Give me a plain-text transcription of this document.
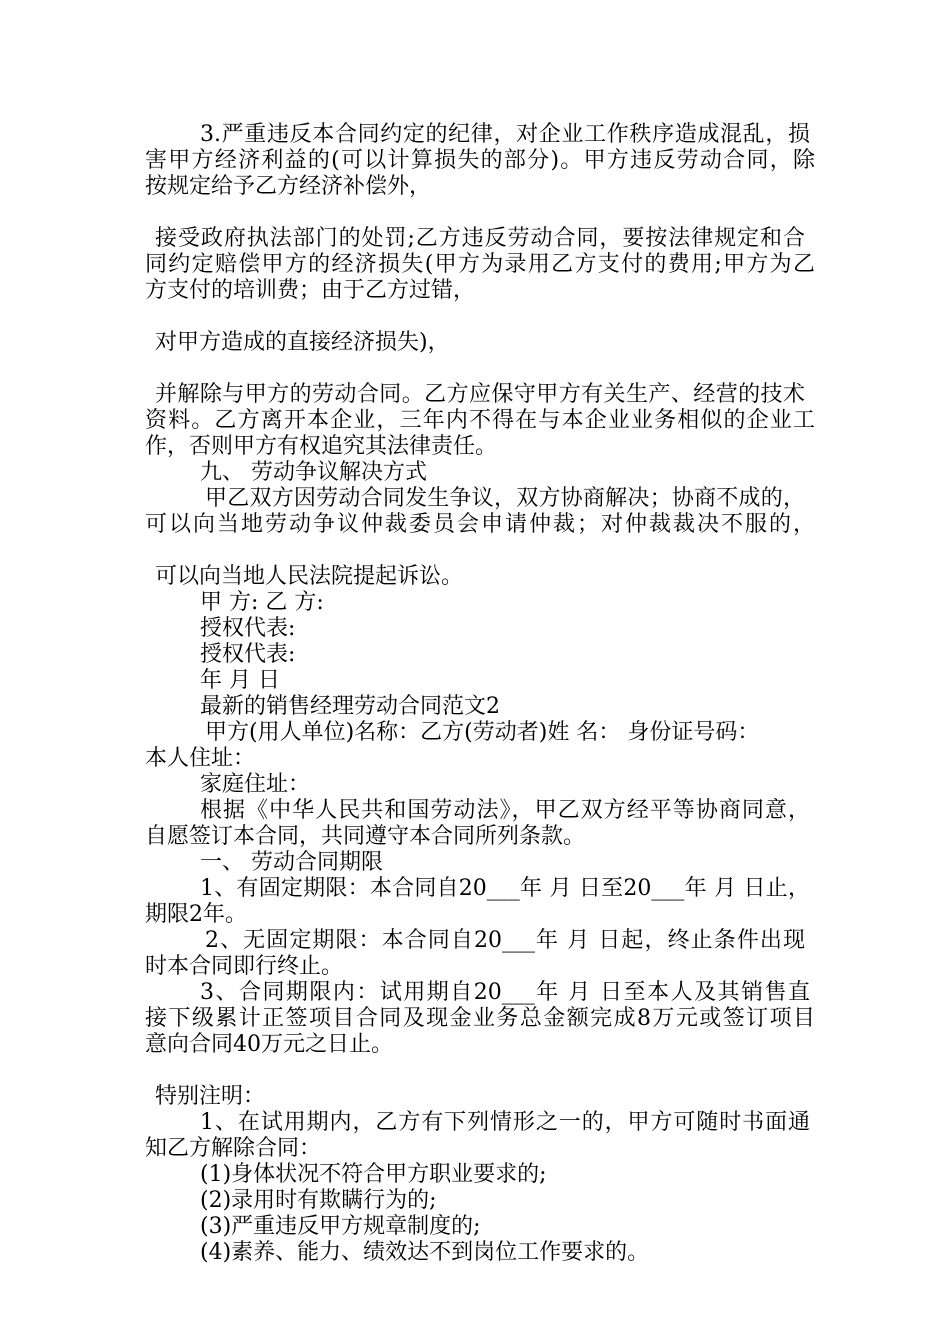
3.严重违反本合同约定的纪律，对企业工作秩序造成混乱，损
害甲方经济利益的(可以计算损失的部分)。甲方违反劳动合同，除
按规定给予乙方经济补偿外，
接受政府执法部门的处罚;乙方违反劳动合同，要按法律规定和合
同约定赔偿甲方的经济损失(甲方为录用乙方支付的费用;甲方为乙
方支付的培训费；由于乙方过错，
对甲方造成的直接经济损失)，
并解除与甲方的劳动合同。乙方应保守甲方有关生产、经营的技术
资料。乙方离开本企业，三年内不得在与本企业业务相似的企业工
作，否则甲方有权追究其法律责任。
九、 劳动争议解决方式
甲乙双方因劳动合同发生争议，双方协商解决；协商不成的，
可以向当地劳动争议仲裁委员会申请仲裁；对仲裁裁决不服的，
可以向当地人民法院提起诉讼。
甲 方: 乙 方:
授权代表:
授权代表:
年 月 日
最新的销售经理劳动合同范文2
甲方(用人单位)名称：乙方(劳动者)姓 名： 身份证号码：
本人住址：
家庭住址：
根据《中华人民共和国劳动法》，甲乙双方经平等协商同意，
自愿签订本合同，共同遵守本合同所列条款。
一、 劳动合同期限
1、有固定期限：本合同自20___年 月 日至20___年 月 日止，
期限2年。
2、无固定期限：本合同自20___年 月 日起，终止条件出现
时本合同即行终止。
3、合同期限内：试用期自20___年 月 日至本人及其销售直
接下级累计正签项目合同及现金业务总金额完成8万元或签订项目
意向合同40万元之日止。
特别注明：
1、在试用期内，乙方有下列情形之一的，甲方可随时书面通
知乙方解除合同：
(1)身体状况不符合甲方职业要求的;
(2)录用时有欺瞒行为的;
(3)严重违反甲方规章制度的;
(4)素养、能力、绩效达不到岗位工作要求的。
